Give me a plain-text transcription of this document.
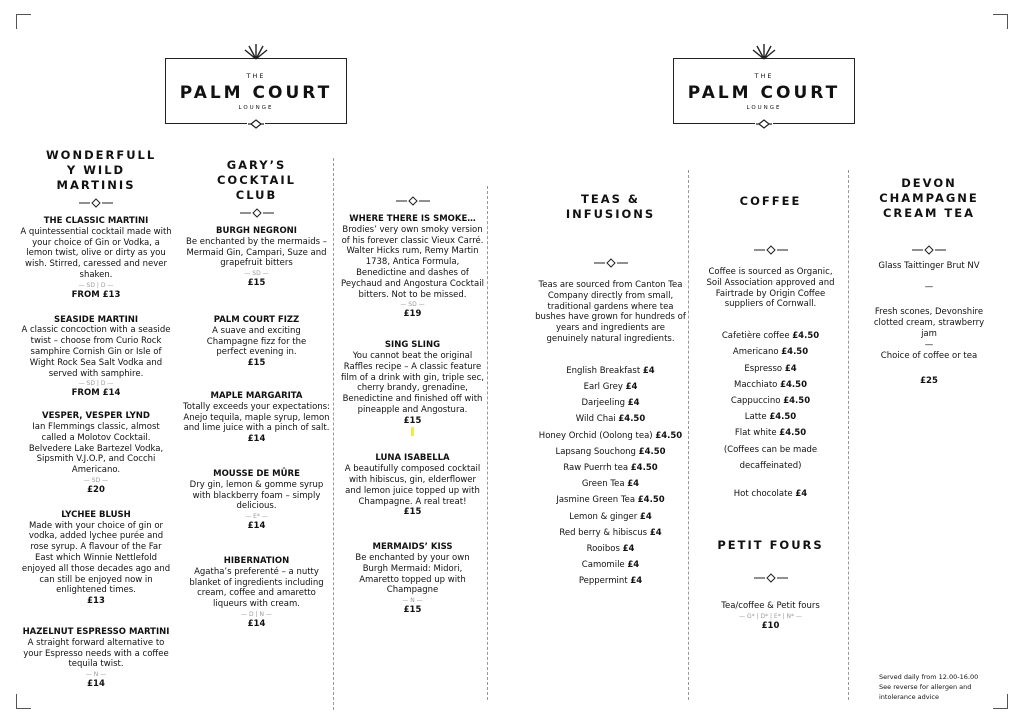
THE
PALM COURT
LOUNGE
THE
PALM COURT
LOUNGE
WONDERFULL Y WILD MARTINIS
THE CLASSIC MARTINI
A quintessential cocktail made with your choice of Gin or Vodka, a lemon twist, olive or dirty as you wish. Stirred, caressed and never shaken.
— SD | D —
FROM £13
SEASIDE MARTINI
A classic concoction with a seaside twist – choose from Curio Rock samphire Cornish Gin or Isle of Wight Rock Sea Salt Vodka and served with samphire.
— SD | D —
FROM £14
VESPER, VESPER LYND
Ian Flemmings classic, almost called a Molotov Cocktail. Belvedere Lake Bartezel Vodka, Sipsmith V.J.O.P, and Cocchi Americano.
— SD —
£20
LYCHEE BLUSH
Made with your choice of gin or vodka, added lychee purée and rose syrup. A flavour of the Far East which Winnie Nettlefold enjoyed all those decades ago and can still be enjoyed now in enlightened times.
£13
HAZELNUT ESPRESSO MARTINI
A straight forward alternative to your Espresso needs with a coffee tequila twist.
— N —
£14
GARY’S COCKTAIL CLUB
BURGH NEGRONI
Be enchanted by the mermaids – Mermaid Gin, Campari, Suze and grapefruit bitters
— SD —
£15
PALM COURT FIZZ
A suave and exciting Champagne fizz for the perfect evening in.
£15
MAPLE MARGARITA
Totally exceeds your expectations: Anejo tequila, maple syrup, lemon and lime juice with a pinch of salt.
£14
MOUSSE DE MÛRE
Dry gin, lemon & gomme syrup with blackberry foam – simply delicious.
— E* —
£14
HIBERNATION
Agatha’s preferenté – a nutty blanket of ingredients including cream, coffee and amaretto liqueurs with cream.
— D | N —
£14
WHERE THERE IS SMOKE…
Brodies’ very own smoky version of his forever classic Vieux Carré. Walter Hicks rum, Remy Martin 1738, Antica Formula, Benedictine and dashes of Peychaud and Angostura Cocktail bitters. Not to be missed.
— SD —
£19
SING SLING
You cannot beat the original Raffles recipe – A classic feature film of a drink with gin, triple sec, cherry brandy, grenadine, Benedictine and finished off with pineapple and Angostura.
£15
LUNA ISABELLA
A beautifully composed cocktail with hibiscus, gin, elderflower and lemon juice topped up with Champagne. A real treat!
£15
MERMAIDS’ KISS
Be enchanted by your own Burgh Mermaid: Midori, Amaretto topped up with Champagne
— N —
£15
TEAS & INFUSIONS
Teas are sourced from Canton Tea Company directly from small, traditional gardens where tea bushes have grown for hundreds of years and ingredients are genuinely natural ingredients.
English Breakfast £4
Earl Grey £4
Darjeeling £4
Wild Chai £4.50
Honey Orchid (Oolong tea) £4.50
Lapsang Souchong £4.50
Raw Puerrh tea £4.50
Green Tea £4
Jasmine Green Tea £4.50
Lemon & ginger £4
Red berry & hibiscus £4
Rooibos £4
Camomile £4
Peppermint £4
COFFEE
Coffee is sourced as Organic, Soil Association approved and Fairtrade by Origin Coffee suppliers of Cornwall.
Cafetière coffee £4.50
Americano £4.50
Espresso £4
Macchiato £4.50
Cappuccino £4.50
Latte £4.50
Flat white £4.50
(Coffees can be made decaffeinated)
Hot chocolate £4
PETIT FOURS
Tea/coffee & Petit fours
— G* | D* | E* | N* —
£10
DEVON CHAMPAGNE CREAM TEA
Glass Taittinger Brut NV
—
Fresh scones, Devonshire clotted cream, strawberry jam
—
Choice of coffee or tea
£25
Served daily from 12.00-16.00
See reverse for allergen and intolerance advice
